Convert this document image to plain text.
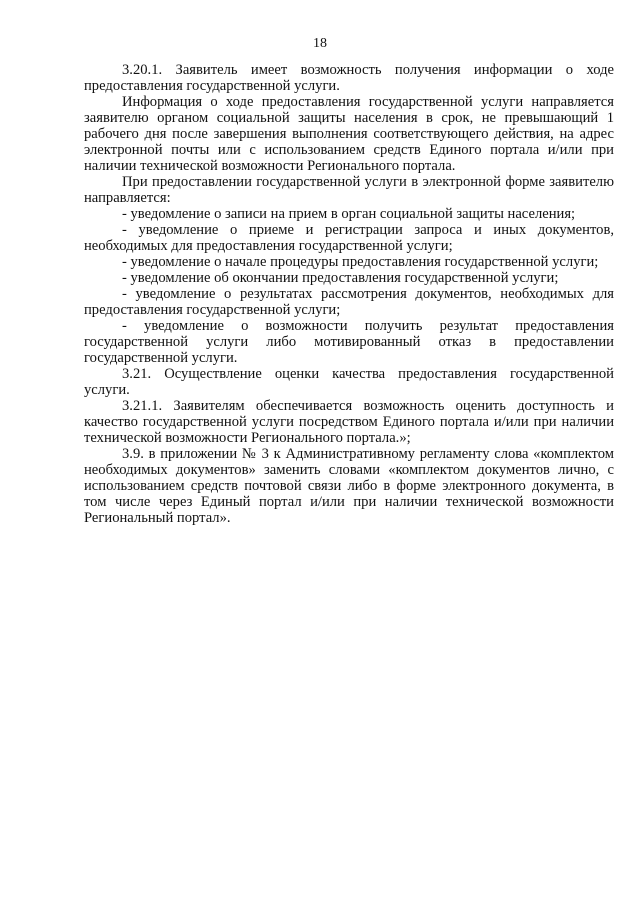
18

3.20.1. Заявитель имеет возможность получения информации о ходе предоставления государственной услуги.

Информация о ходе предоставления государственной услуги направляется заявителю органом социальной защиты населения в срок, не превышающий 1 рабочего дня после завершения выполнения соответствующего действия, на адрес электронной почты или с использованием средств Единого портала и/или при наличии технической возможности Регионального портала.

При предоставлении государственной услуги в электронной форме заявителю направляется:

- уведомление о записи на прием в орган социальной защиты населения;

- уведомление о приеме и регистрации запроса и иных документов, необходимых для предоставления государственной услуги;

- уведомление о начале процедуры предоставления государственной услуги;

- уведомление об окончании предоставления государственной услуги;

- уведомление о результатах рассмотрения документов, необходимых для предоставления государственной услуги;

- уведомление о возможности получить результат предоставления государственной услуги либо мотивированный отказ в предоставлении государственной услуги.

3.21. Осуществление оценки качества предоставления государственной услуги.

3.21.1. Заявителям обеспечивается возможность оценить доступность и качество государственной услуги посредством Единого портала и/или при наличии технической возможности Регионального портала.»;

3.9. в приложении № 3 к Административному регламенту слова «комплектом необходимых документов» заменить словами «комплектом документов лично, с использованием средств почтовой связи либо в форме электронного документа, в том числе через Единый портал и/или при наличии технической возможности Региональный портал».
